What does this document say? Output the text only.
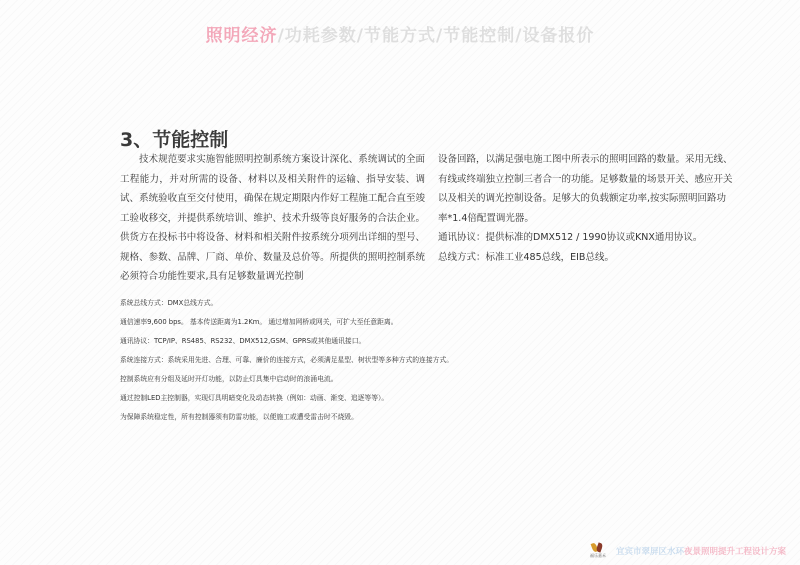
照明经济/功耗参数/节能方式/节能控制/设备报价
3、节能控制

技术规范要求实施智能照明控制系统方案设计深化、系统调试的全面工程能力，并对所需的设备、材料以及相关附件的运输、指导安装、调试、系统验收直至交付使用，确保在规定期限内作好工程施工配合直至竣工验收移交，并提供系统培训、维护、技术升级等良好服务的合法企业。供货方在投标书中将设备、材料和相关附件按系统分项列出详细的型号、规格、参数、品牌、厂商、单价、数量及总价等。所提供的照明控制系统必须符合功能性要求,具有足够数量调光控制

设备回路，以满足强电施工图中所表示的照明回路的数量。采用无线、有线或终端独立控制三者合一的功能。足够数量的场景开关、感应开关以及相关的调光控制设备。足够大的负载额定功率,按实际照明回路功率*1.4倍配置调光器。

通讯协议：提供标准的DMX512 / 1990协议或KNX通用协议。

总线方式：标准工业485总线，EIB总线。

系统总线方式：DMX总线方式。

通信速率9,600 bps。 基本传送距离为1.2Km。 通过增加网桥或网关，可扩大至任意距离。

通讯协议：TCP/IP、RS485、RS232、DMX512,GSM、GPRS或其他通讯接口。

系统连接方式：系统采用先进、合理、可靠、廉价的连接方式，必须满足星型、树状型等多种方式的连接方式。

控制系统应有分组及延时开灯功能，以防止灯具集中启动时的浪涌电流。

通过控制LED主控制器，实现灯具明暗变化及动态转换（例如：动画、渐变、追逐等等）。

为保障系统稳定性，所有控制器须有防雷功能，以便施工或遭受雷击时不烧毁。

福乐嘉禾 宜宾市翠屏区水环夜景照明提升工程设计方案
